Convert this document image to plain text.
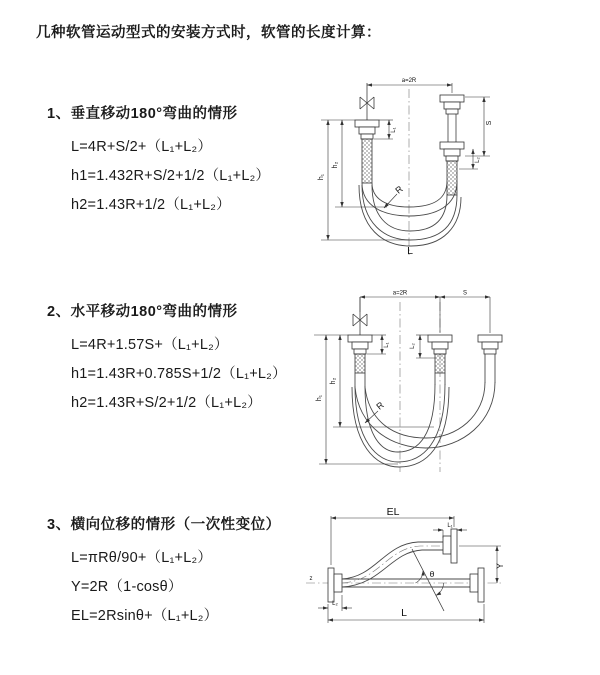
几种软管运动型式的安装方式时，软管的长度计算：
1、垂直移动180°弯曲的情形
L=4R+S/2+（L₁+L₂）
h1=1.432R+S/2+1/2（L₁+L₂）
h2=1.43R+1/2（L₁+L₂）
2、水平移动180°弯曲的情形
L=4R+1.57S+（L₁+L₂）
h1=1.43R+0.785S+1/2（L₁+L₂）
h2=1.43R+S/2+1/2（L₁+L₂）
3、横向位移的情形（一次性变位）
L=πRθ/90+（L₁+L₂）
Y=2R（1-cosθ）
EL=2Rsinθ+（L₁+L₂）
a=2R
L₁
S
L₂
h₂
h₁
R
L
a=2R	S
L₁	L₂
h₂
h₁
R
z
EL
L₁
Y
θ
L
L₂
